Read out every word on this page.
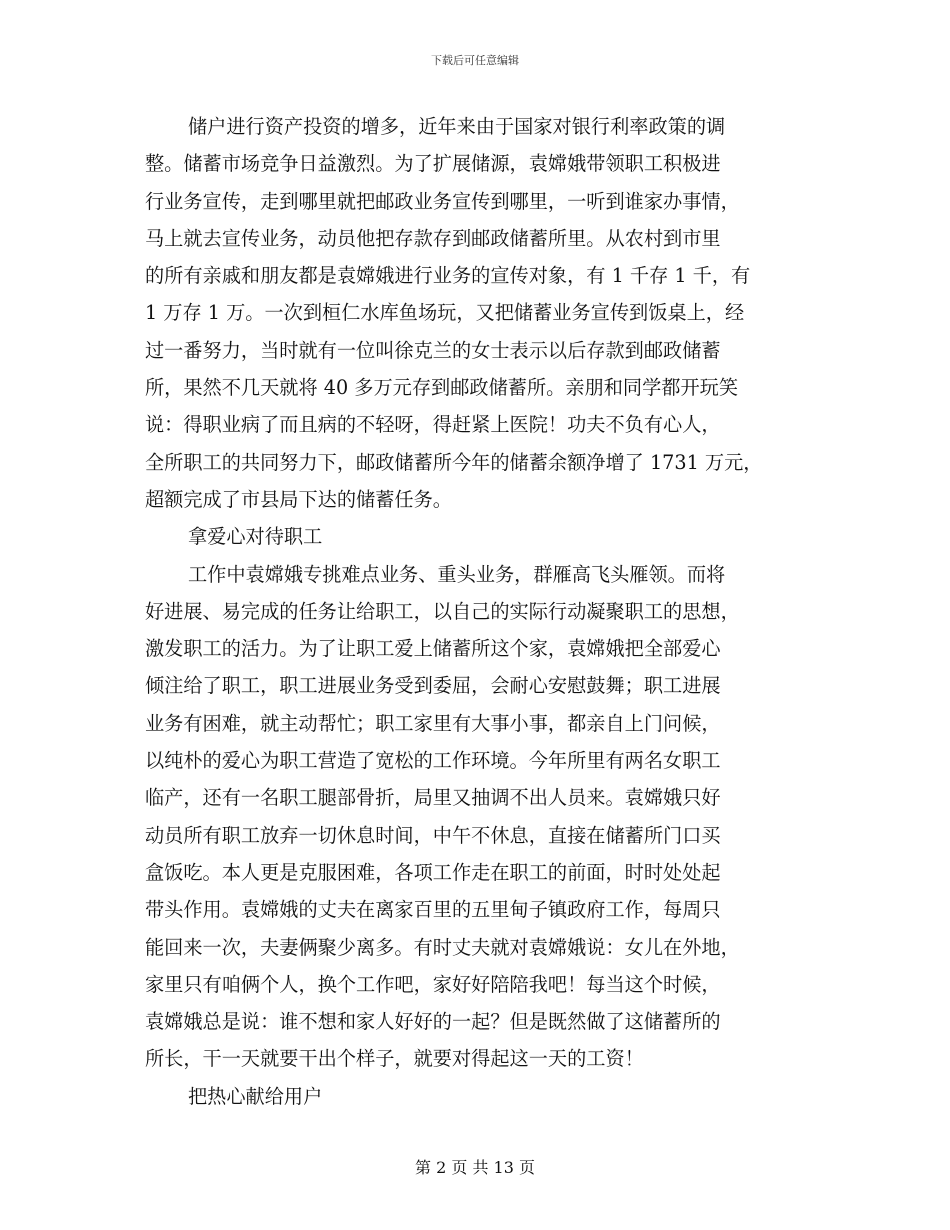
下载后可任意编辑
储户进行资产投资的增多，近年来由于国家对银行利率政策的调
整。储蓄市场竞争日益激烈。为了扩展储源，袁嫦娥带领职工积极进
行业务宣传，走到哪里就把邮政业务宣传到哪里，一听到谁家办事情，
马上就去宣传业务，动员他把存款存到邮政储蓄所里。从农村到市里
的所有亲戚和朋友都是袁嫦娥进行业务的宣传对象，有 1 千存 1 千，有
1 万存 1 万。一次到桓仁水库鱼场玩，又把储蓄业务宣传到饭桌上，经
过一番努力，当时就有一位叫徐克兰的女士表示以后存款到邮政储蓄
所，果然不几天就将 40 多万元存到邮政储蓄所。亲朋和同学都开玩笑
说：得职业病了而且病的不轻呀，得赶紧上医院！功夫不负有心人，
全所职工的共同努力下，邮政储蓄所今年的储蓄余额净增了 1731 万元，
超额完成了市县局下达的储蓄任务。
拿爱心对待职工
工作中袁嫦娥专挑难点业务、重头业务，群雁高飞头雁领。而将
好进展、易完成的任务让给职工，以自己的实际行动凝聚职工的思想，
激发职工的活力。为了让职工爱上储蓄所这个家，袁嫦娥把全部爱心
倾注给了职工，职工进展业务受到委屈，会耐心安慰鼓舞；职工进展
业务有困难，就主动帮忙；职工家里有大事小事，都亲自上门问候，
以纯朴的爱心为职工营造了宽松的工作环境。今年所里有两名女职工
临产，还有一名职工腿部骨折，局里又抽调不出人员来。袁嫦娥只好
动员所有职工放弃一切休息时间，中午不休息，直接在储蓄所门口买
盒饭吃。本人更是克服困难，各项工作走在职工的前面，时时处处起
带头作用。袁嫦娥的丈夫在离家百里的五里甸子镇政府工作，每周只
能回来一次，夫妻俩聚少离多。有时丈夫就对袁嫦娥说：女儿在外地，
家里只有咱俩个人，换个工作吧，家好好陪陪我吧！每当这个时候，
袁嫦娥总是说：谁不想和家人好好的一起？但是既然做了这储蓄所的
所长，干一天就要干出个样子，就要对得起这一天的工资！
把热心献给用户
第 2 页 共 13 页
